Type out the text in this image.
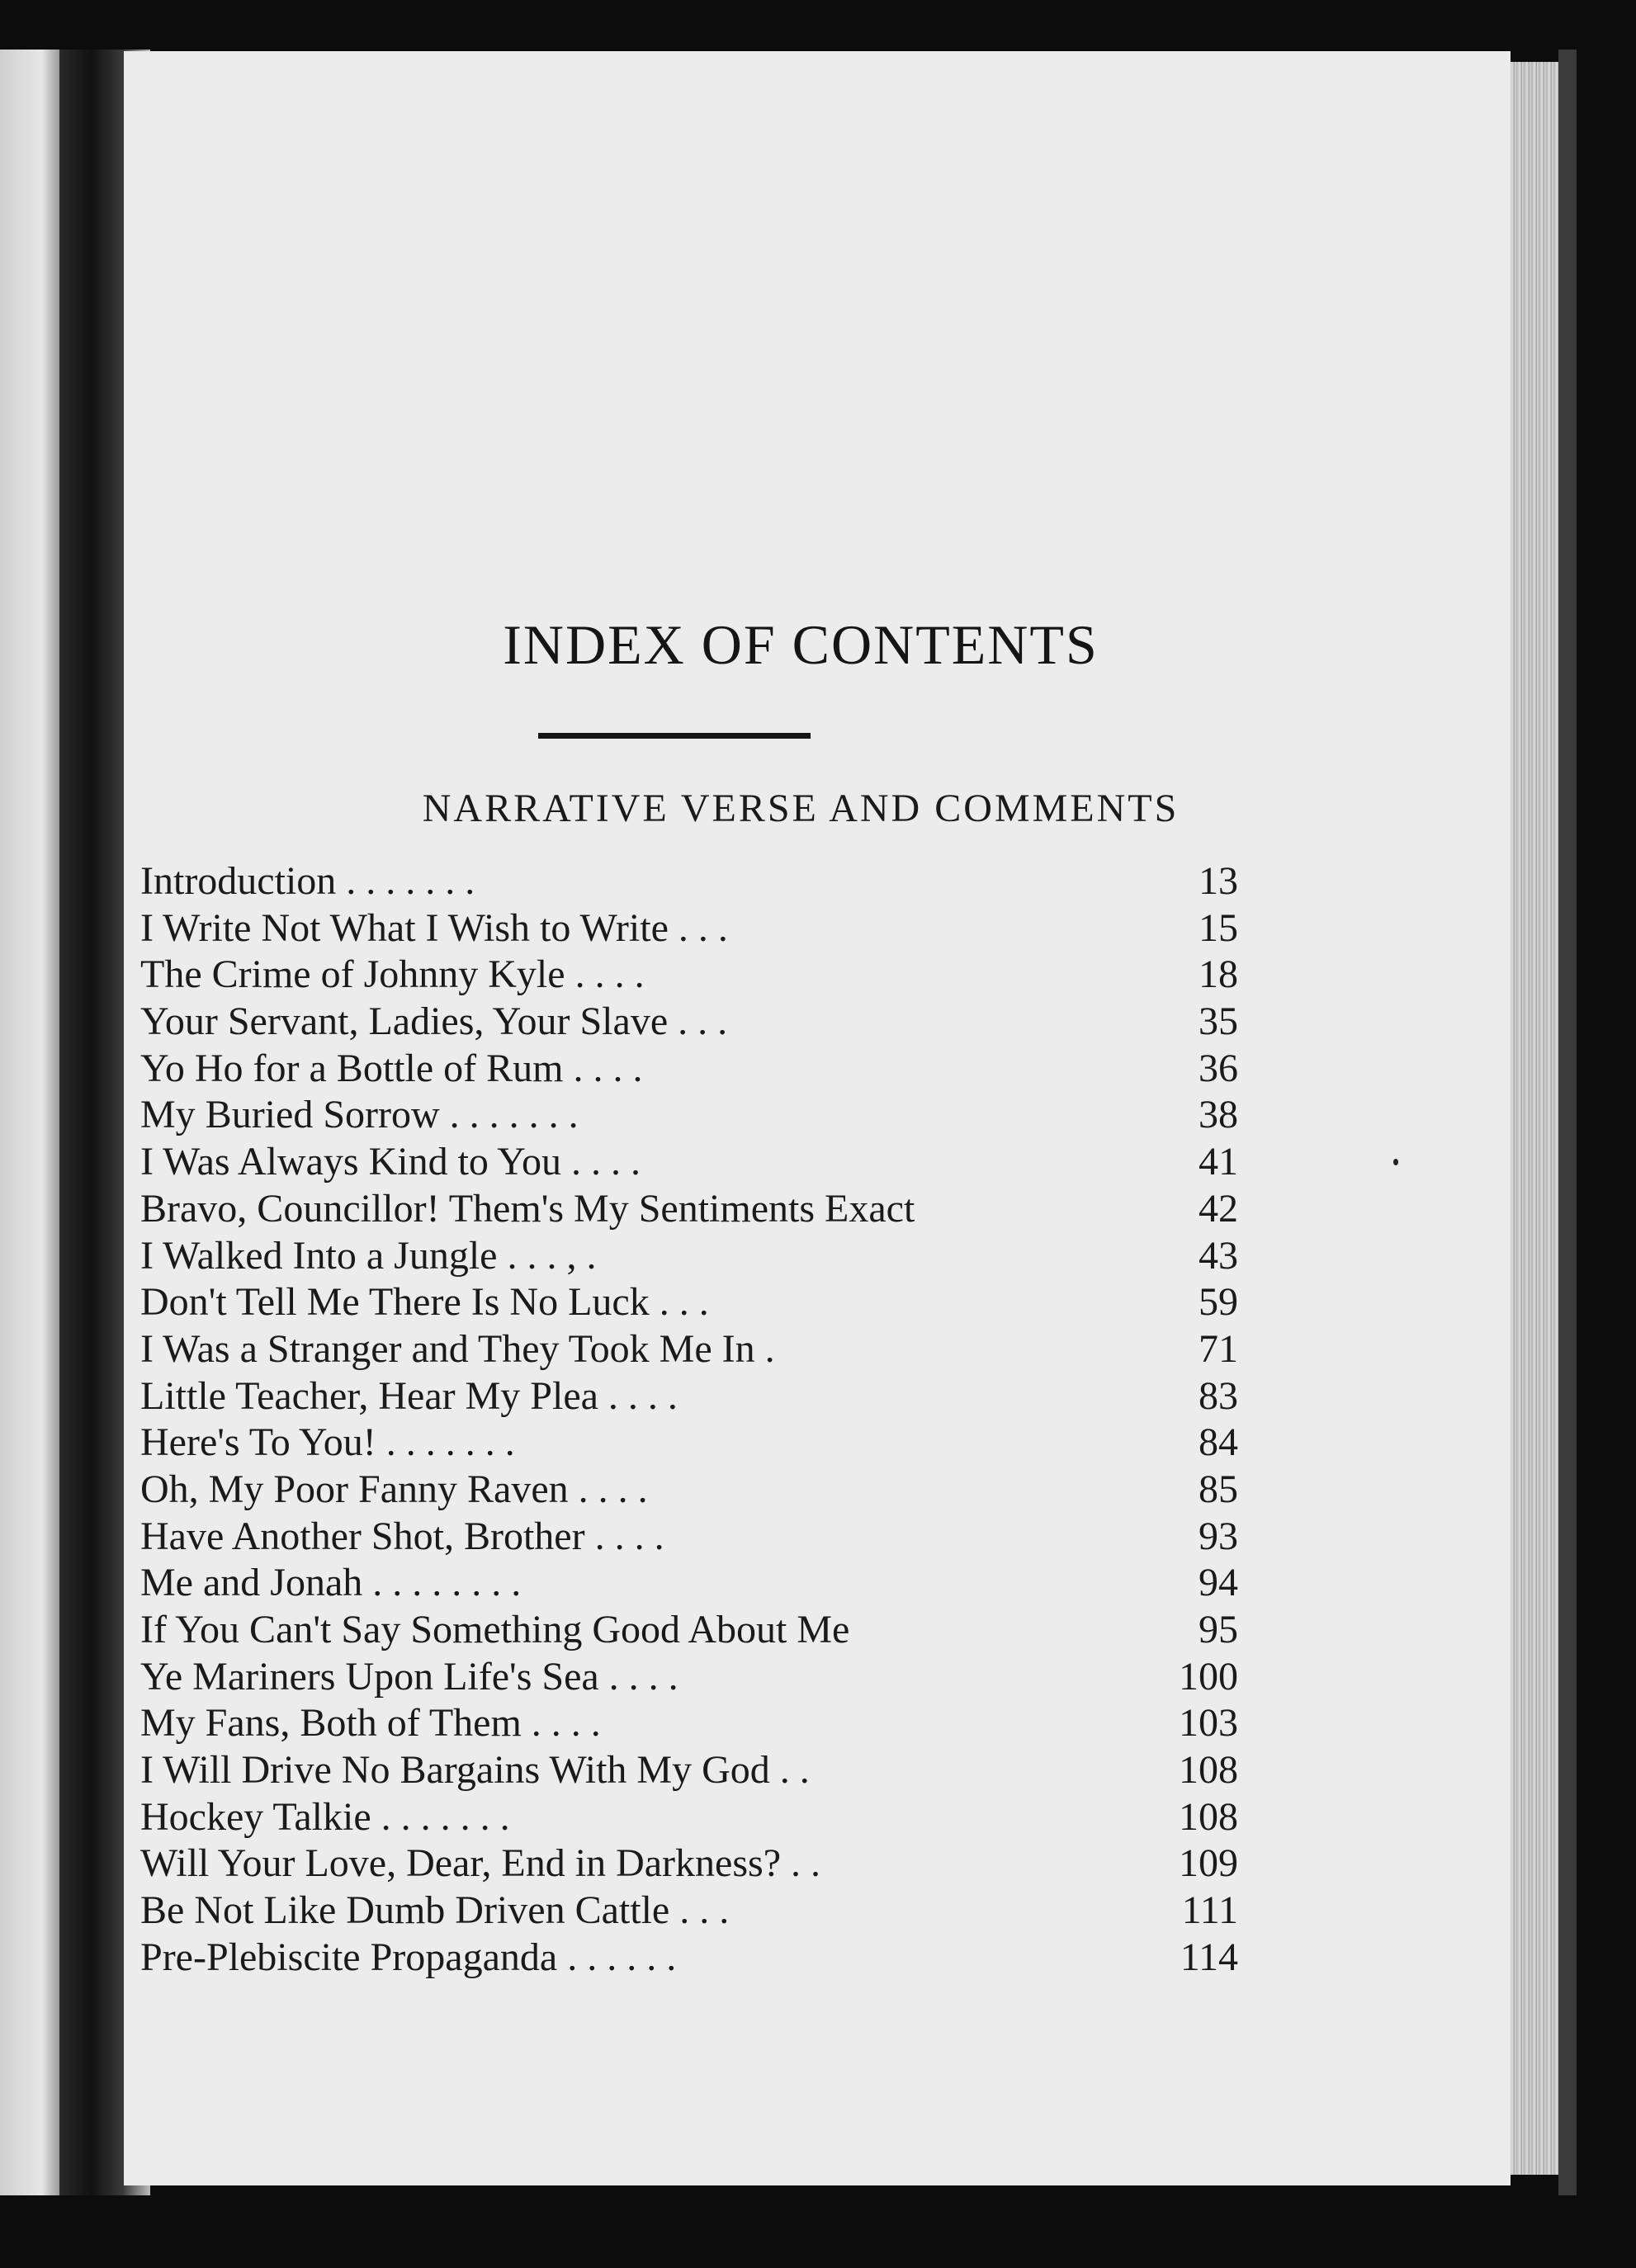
INDEX OF CONTENTS
NARRATIVE VERSE AND COMMENTS
Introduction . . . . . . .	13
I Write Not What I Wish to Write . . .	15
The Crime of Johnny Kyle . . . .	18
Your Servant, Ladies, Your Slave . . .	35
Yo Ho for a Bottle of Rum . . . .	36
My Buried Sorrow . . . . . . .	38
I Was Always Kind to You . . . .	41
Bravo, Councillor! Them's My Sentiments Exact	42
I Walked Into a Jungle . . . , .	43
Don't Tell Me There Is No Luck . . .	59
I Was a Stranger and They Took Me In .	71
Little Teacher, Hear My Plea . . . .	83
Here's To You! . . . . . . .	84
Oh, My Poor Fanny Raven . . . .	85
Have Another Shot, Brother . . . .	93
Me and Jonah . . . . . . . .	94
If You Can't Say Something Good About Me	95
Ye Mariners Upon Life's Sea . . . .	100
My Fans, Both of Them . . . .	103
I Will Drive No Bargains With My God . .	108
Hockey Talkie . . . . . . .	108
Will Your Love, Dear, End in Darkness? . .	109
Be Not Like Dumb Driven Cattle . . .	111
Pre-Plebiscite Propaganda . . . . . .	114
